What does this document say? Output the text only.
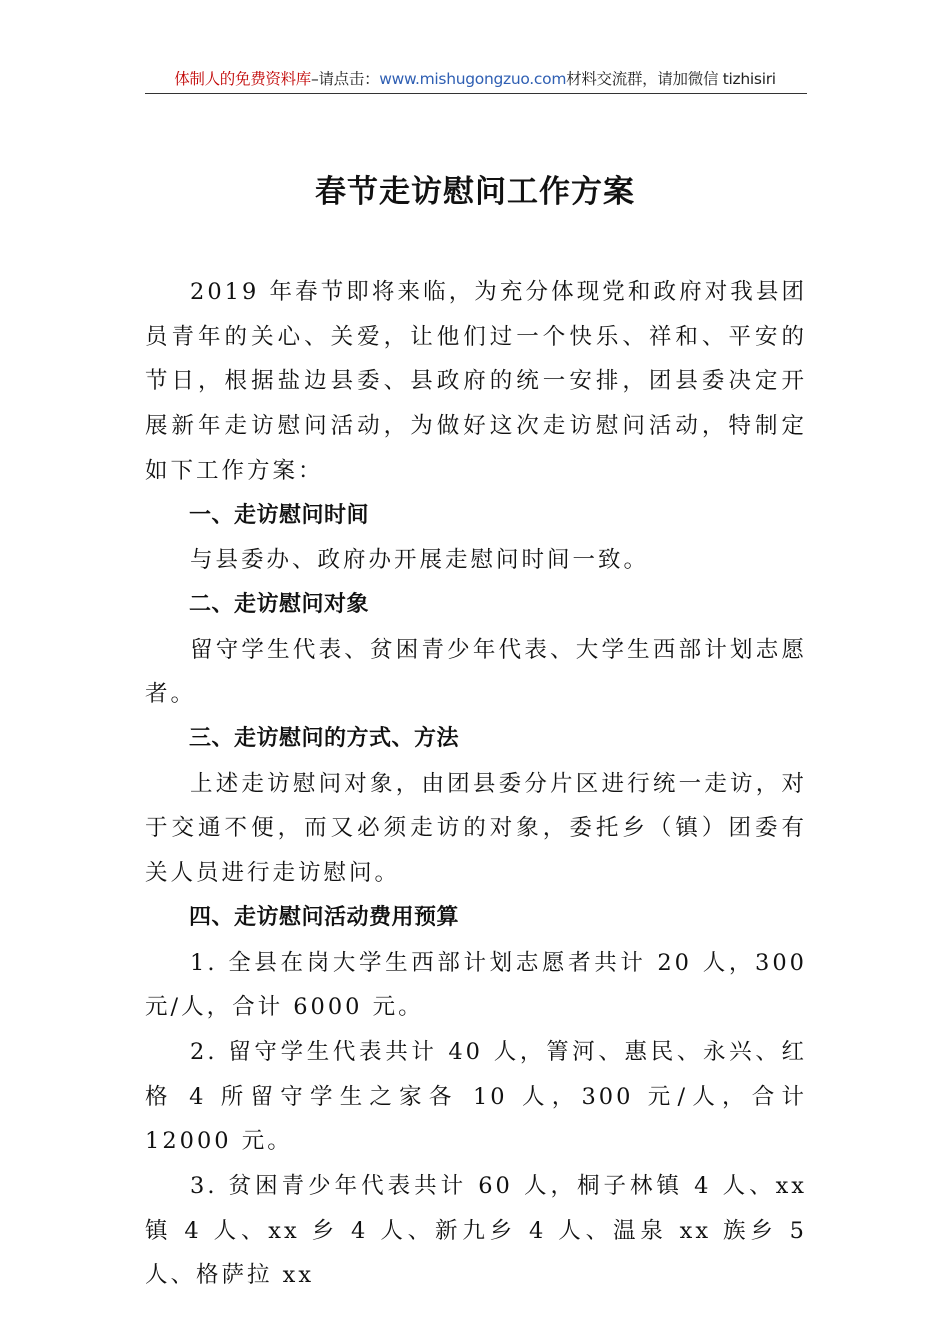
体制人的免费资料库–请点击：www.mishugongzuo.com材料交流群，请加微信 tizhisiri
春节走访慰问工作方案

2019 年春节即将来临，为充分体现党和政府对我县团员青年的关心、关爱，让他们过一个快乐、祥和、平安的节日，根据盐边县委、县政府的统一安排，团县委决定开展新年走访慰问活动，为做好这次走访慰问活动，特制定如下工作方案：

一、走访慰问时间

与县委办、政府办开展走慰问时间一致。

二、走访慰问对象

留守学生代表、贫困青少年代表、大学生西部计划志愿者。

三、走访慰问的方式、方法

上述走访慰问对象，由团县委分片区进行统一走访，对于交通不便，而又必须走访的对象，委托乡（镇）团委有关人员进行走访慰问。

四、走访慰问活动费用预算

1. 全县在岗大学生西部计划志愿者共计 20 人，300 元/人，合计 6000 元。

2. 留守学生代表共计 40 人，箐河、惠民、永兴、红格 4 所留守学生之家各 10 人，300 元/人，合计 12000 元。

3. 贫困青少年代表共计 60 人，桐子林镇 4 人、xx 镇 4 人、xx 乡 4 人、新九乡 4 人、温泉 xx 族乡 5 人、格萨拉 xx
